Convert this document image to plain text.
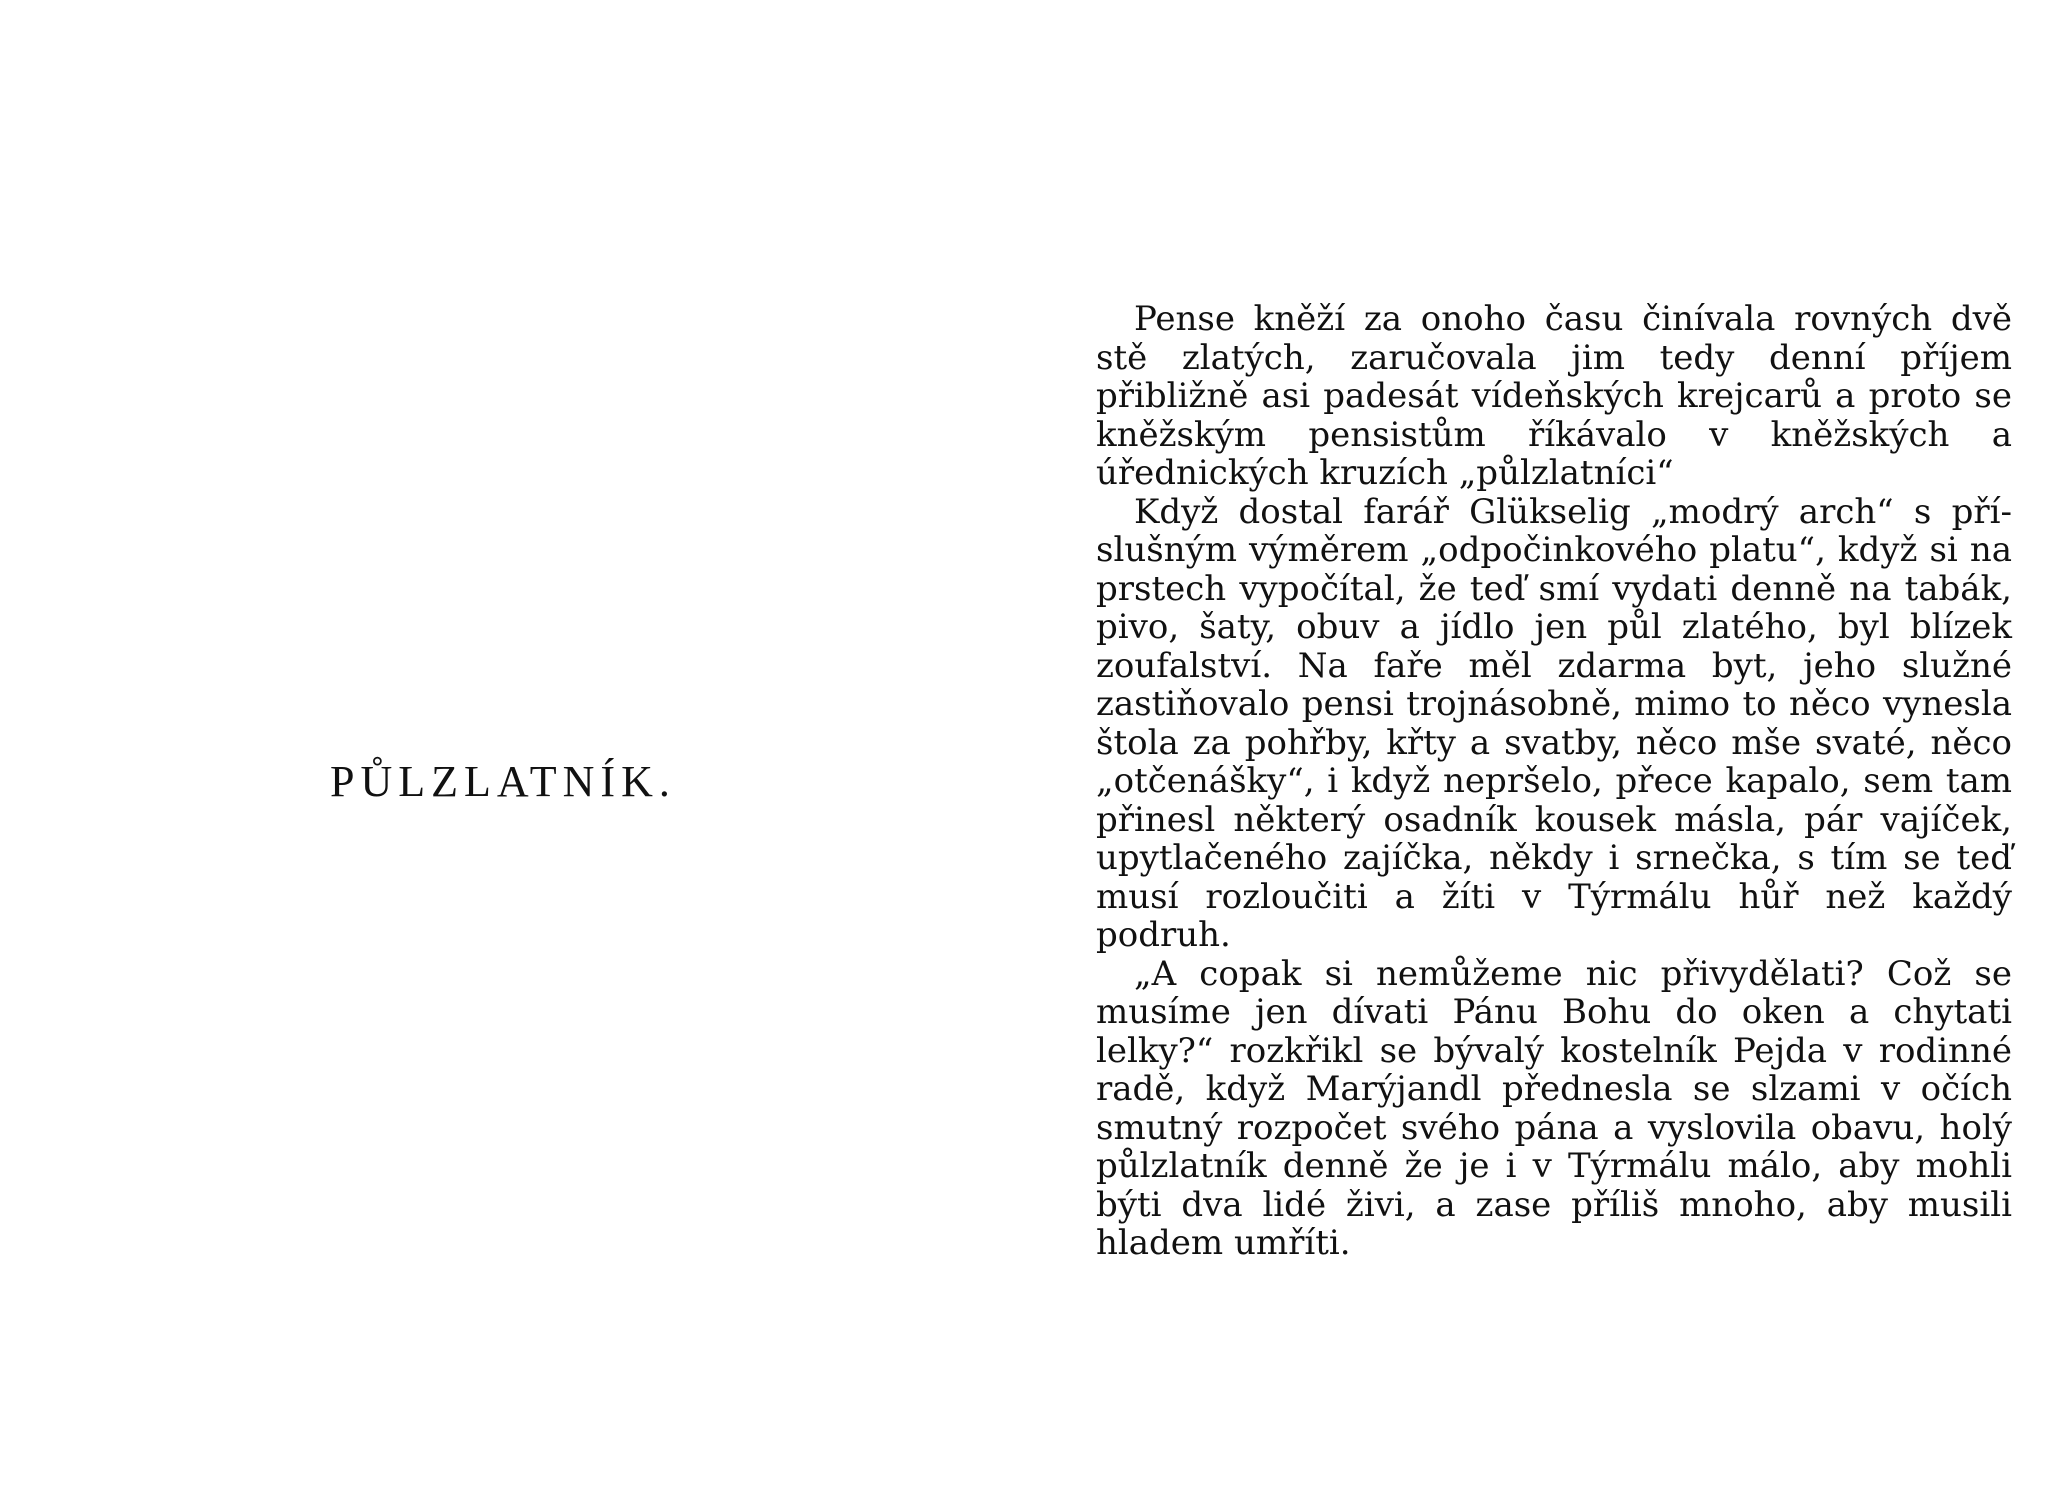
PŮLZLATNÍK.

Pense kněží za onoho času činívala rovných dvě stě zlatých, zaručovala jim tedy denní příjem přibližně asi padesát vídeňských krejcarů a proto se kněžským pensistům říkávalo v kněžských a úřednických kruzích „půlzlatníci“

Když dostal farář Glükselig „modrý arch“ s příslušným výměrem „odpočinkového platu“, když si na prstech vypočítal, že teď smí vydati denně na tabák, pivo, šaty, obuv a jídlo jen půl zlatého, byl blízek zoufalství. Na faře měl zdarma byt, jeho služné zastiňovalo pensi trojnásobně, mimo to něco vynesla štola za pohřby, křty a svatby, něco mše svaté, něco „otčenášky“, i když nepršelo, přece kapalo, sem tam přinesl některý osadník kousek másla, pár vajíček, upytlačeného zajíčka, někdy i srnečka, s tím se teď musí rozloučiti a žíti v Týrmálu hůř než každý podruh.

„A copak si nemůžeme nic přivydělati? Což se musíme jen dívati Pánu Bohu do oken a chytati lelky?“ rozkřikl se bývalý kostelník Pejda v rodinné radě, když Marýjandl přednesla se slzami v očích smutný rozpočet svého pána a vyslovila obavu, holý půlzlatník denně že je i v Týrmálu málo, aby mohli býti dva lidé živi, a zase příliš mnoho, aby musili hladem umříti.
